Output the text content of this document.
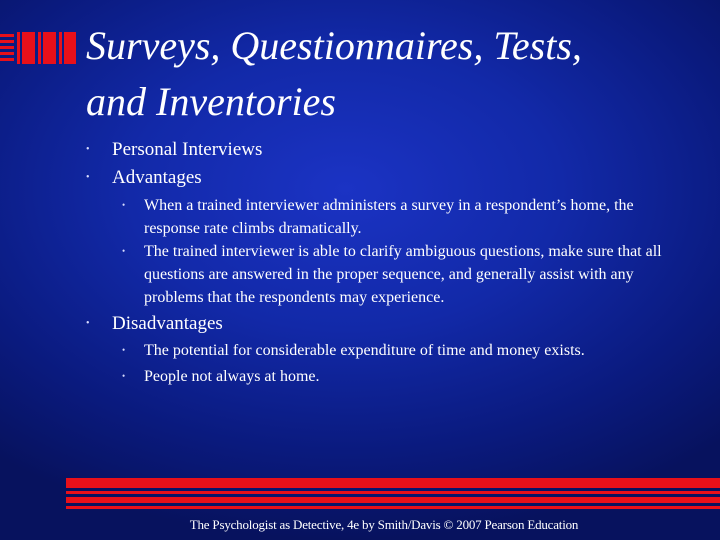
Surveys, Questionnaires, Tests,
and Inventories
• Personal Interviews
• Advantages
• When a trained interviewer administers a survey in a respondent’s home, the response rate climbs dramatically.
• The trained interviewer is able to clarify ambiguous questions, make sure that all questions are answered in the proper sequence, and generally assist with any problems that the respondents may experience.
• Disadvantages
• The potential for considerable expenditure of time and money exists.
• People not always at home.
The Psychologist as Detective, 4e by Smith/Davis © 2007 Pearson Education
